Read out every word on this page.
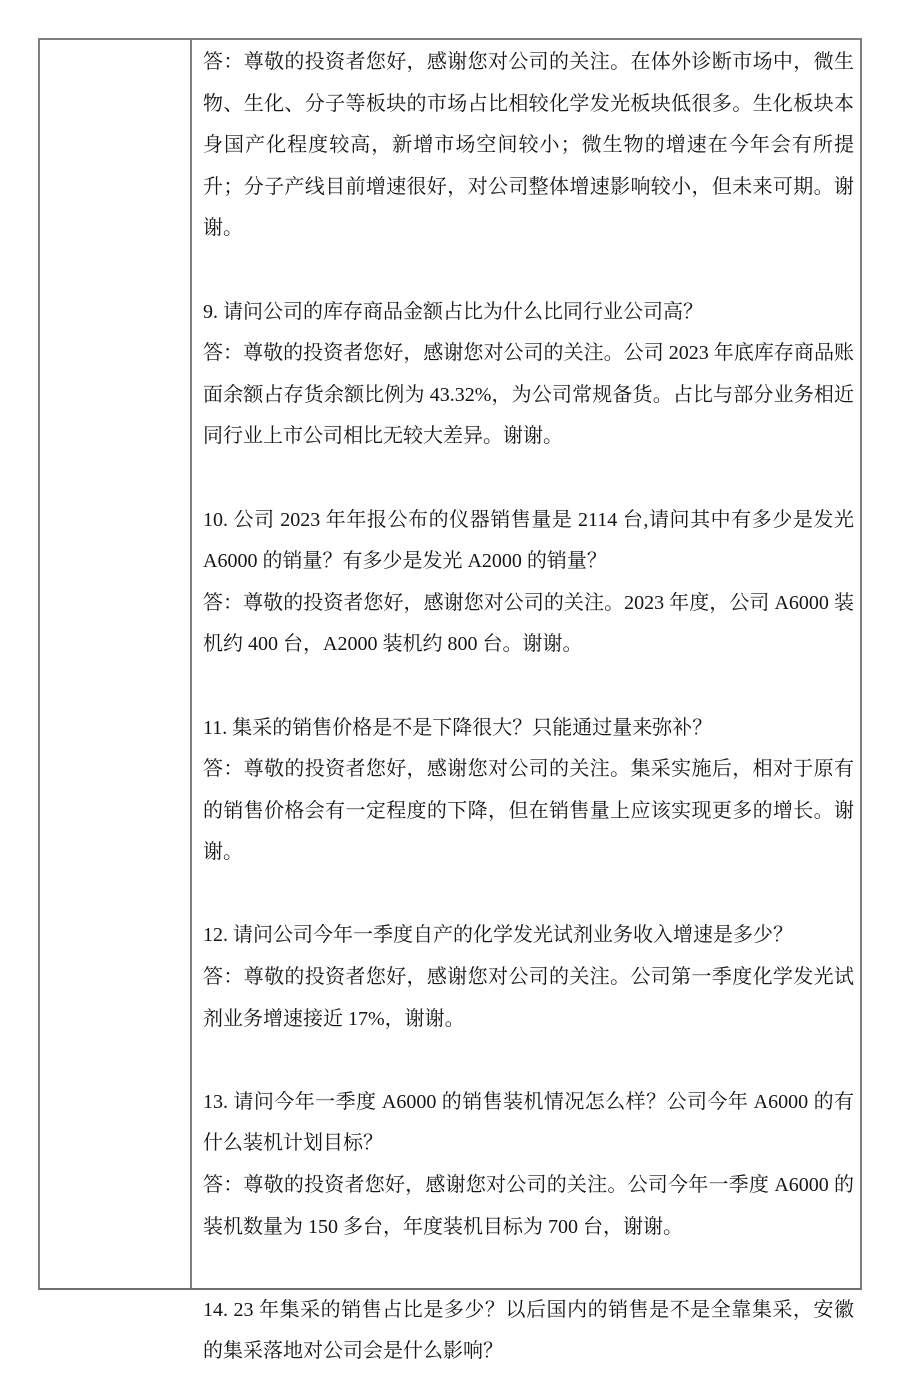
答：尊敬的投资者您好，感谢您对公司的关注。在体外诊断市场中，微生物、生化、分子等板块的市场占比相较化学发光板块低很多。生化板块本身国产化程度较高，新增市场空间较小；微生物的增速在今年会有所提升；分子产线目前增速很好，对公司整体增速影响较小，但未来可期。谢谢。

9. 请问公司的库存商品金额占比为什么比同行业公司高？

答：尊敬的投资者您好，感谢您对公司的关注。公司 2023 年底库存商品账面余额占存货余额比例为 43.32%，为公司常规备货。占比与部分业务相近同行业上市公司相比无较大差异。谢谢。

10. 公司 2023 年年报公布的仪器销售量是 2114 台,请问其中有多少是发光 A6000 的销量？有多少是发光 A2000 的销量？

答：尊敬的投资者您好，感谢您对公司的关注。2023 年度，公司 A6000 装机约 400 台，A2000 装机约 800 台。谢谢。

11. 集采的销售价格是不是下降很大？只能通过量来弥补？

答：尊敬的投资者您好，感谢您对公司的关注。集采实施后，相对于原有的销售价格会有一定程度的下降，但在销售量上应该实现更多的增长。谢谢。

12. 请问公司今年一季度自产的化学发光试剂业务收入增速是多少？

答：尊敬的投资者您好，感谢您对公司的关注。公司第一季度化学发光试剂业务增速接近 17%，谢谢。

13. 请问今年一季度 A6000 的销售装机情况怎么样？公司今年 A6000 的有什么装机计划目标？

答：尊敬的投资者您好，感谢您对公司的关注。公司今年一季度 A6000 的装机数量为 150 多台，年度装机目标为 700 台，谢谢。

14. 23 年集采的销售占比是多少？以后国内的销售是不是全靠集采，安徽的集采落地对公司会是什么影响？
